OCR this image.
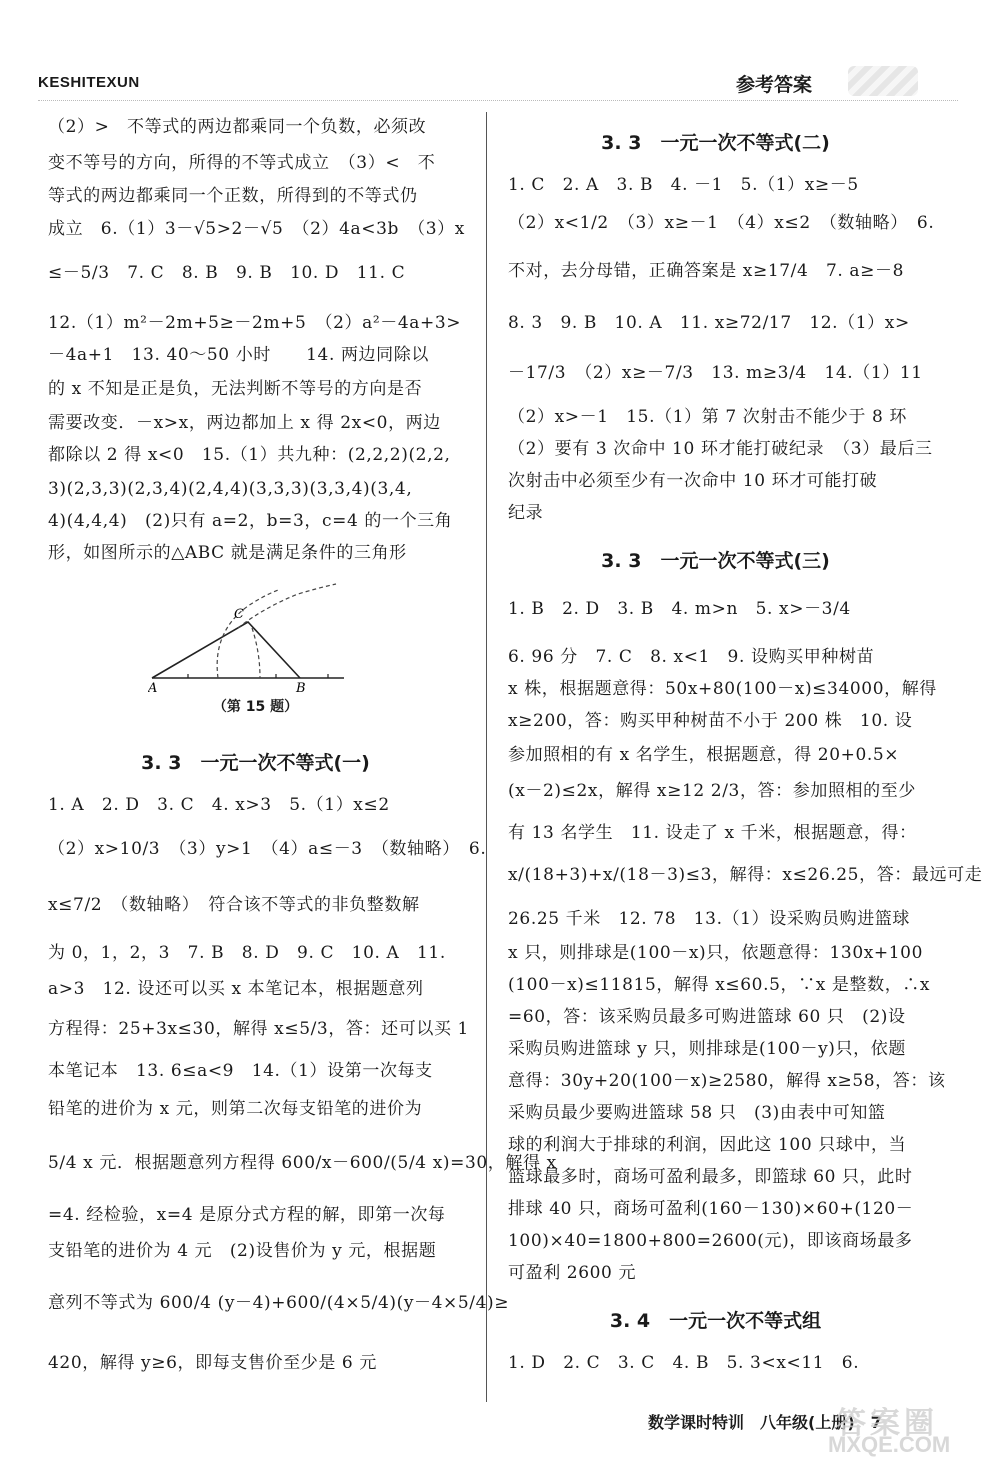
KESHITEXUN	参考答案
（2）>　不等式的两边都乘同一个负数，必须改
变不等号的方向，所得的不等式成立　（3）<　不
等式的两边都乘同一个正数，所得到的不等式仍
成立　6.（1）3－√5>2－√5　（2）4a<3b　（3）x
≤－5/3　7. C　8. B　9. B　10. D　11. C
12.（1）m²－2m+5≥－2m+5　（2）a²－4a+3>
－4a+1　13. 40～50 小时　　14. 两边同除以
的 x 不知是正是负，无法判断不等号的方向是否
需要改变．－x>x，两边都加上 x 得 2x<0，两边
都除以 2 得 x<0　15.（1）共九种：(2,2,2)(2,2,
3)(2,3,3)(2,3,4)(2,4,4)(3,3,3)(3,3,4)(3,4,
4)(4,4,4)　(2)只有 a=2，b=3，c=4 的一个三角
形，如图所示的△ABC 就是满足条件的三角形
A	B
C
（第 15 题）
3. 3　一元一次不等式(一)
1. A　2. D　3. C　4. x>3　5.（1）x≤2
（2）x>10/3　（3）y>1　（4）a≤－3　（数轴略）　6.
x≤7/2　（数轴略）　符合该不等式的非负整数解
为 0，1，2，3　7. B　8. D　9. C　10. A　11.
a>3　12. 设还可以买 x 本笔记本，根据题意列
方程得：25+3x≤30，解得 x≤5/3，答：还可以买 1
本笔记本　13. 6≤a<9　14.（1）设第一次每支
铅笔的进价为 x 元，则第二次每支铅笔的进价为
5/4 x 元．根据题意列方程得 600/x－600/(5/4 x)=30，解得 x
=4. 经检验，x=4 是原分式方程的解，即第一次每
支铅笔的进价为 4 元　(2)设售价为 y 元，根据题
意列不等式为 600/4 (y－4)+600/(4×5/4)(y－4×5/4)≥
420，解得 y≥6，即每支售价至少是 6 元
3. 3　一元一次不等式(二)
1. C　2. A　3. B　4. －1　5.（1）x≥－5
（2）x<1/2　（3）x≥－1　（4）x≤2　（数轴略）　6.
不对，去分母错，正确答案是 x≥17/4　7. a≥－8
8. 3　9. B　10. A　11. x≥72/17　12.（1）x>
－17/3　（2）x≥－7/3　13. m≥3/4　14.（1）11
（2）x>－1　15.（1）第 7 次射击不能少于 8 环
（2）要有 3 次命中 10 环才能打破纪录　（3）最后三
次射击中必须至少有一次命中 10 环才可能打破
纪录
3. 3　一元一次不等式(三)
1. B　2. D　3. B　4. m>n　5. x>－3/4
6. 96 分　7. C　8. x<1　9. 设购买甲种树苗
x 株，根据题意得：50x+80(100－x)≤34000，解得
x≥200，答：购买甲种树苗不小于 200 株　10. 设
参加照相的有 x 名学生，根据题意，得 20+0.5×
(x－2)≤2x，解得 x≥12 2/3，答：参加照相的至少
有 13 名学生　11. 设走了 x 千米，根据题意，得：
x/(18+3)+x/(18－3)≤3，解得：x≤26.25，答：最远可走
26.25 千米　12. 78　13.（1）设采购员购进篮球
x 只，则排球是(100－x)只，依题意得：130x+100
(100－x)≤11815，解得 x≤60.5，∵x 是整数，∴x
=60，答：该采购员最多可购进篮球 60 只　(2)设
采购员购进篮球 y 只，则排球是(100－y)只，依题
意得：30y+20(100－x)≥2580，解得 x≥58，答：该
采购员最少要购进篮球 58 只　(3)由表中可知篮
球的利润大于排球的利润，因此这 100 只球中，当
篮球最多时，商场可盈利最多，即篮球 60 只，此时
排球 40 只，商场可盈利(160－130)×60+(120－
100)×40=1800+800=2600(元)，即该商场最多
可盈利 2600 元
3. 4　一元一次不等式组
1. D　2. C　3. C　4. B　5. 3<x<11　6.
数学课时特训　八年级(上册)　7
答案圈
MXQE.COM
